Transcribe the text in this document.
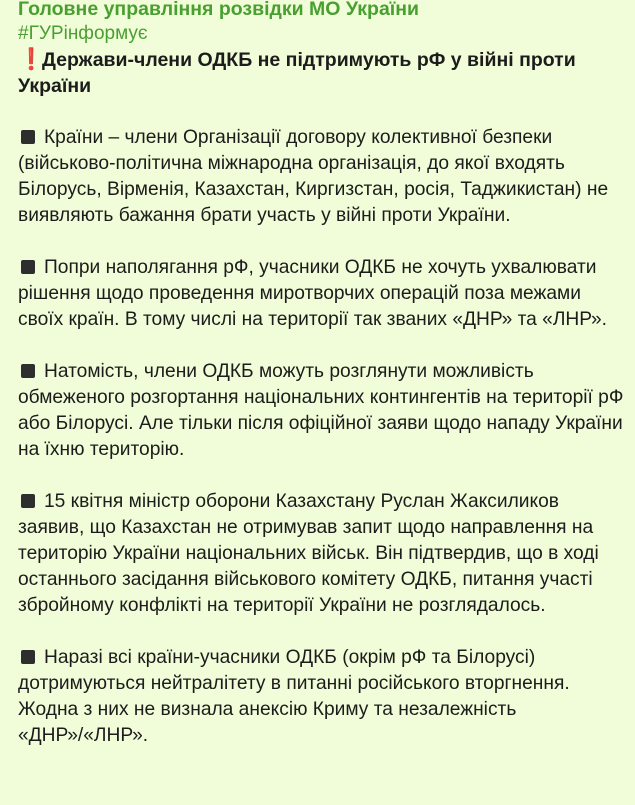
Головне управління розвідки МО України
#ГУРінформує
❗Держави-члени ОДКБ не підтримують рФ у війні проти України
Країни – члени Організації договору колективної безпеки (військово-політична міжнародна організація, до якої входять Білорусь, Вірменія, Казахстан, Киргизстан, росія, Таджикистан) не виявляють бажання брати участь у війні проти України.
Попри наполягання рФ, учасники ОДКБ не хочуть ухвалювати рішення щодо проведення миротворчих операцій поза межами своїх країн. В тому числі на території так званих «ДНР» та «ЛНР».
Натомість, члени ОДКБ можуть розглянути можливість обмеженого розгортання національних контингентів на території рФ або Білорусі. Але тільки після офіційної заяви щодо нападу України на їхню територію.
15 квітня міністр оборони Казахстану Руслан Жаксиликов заявив, що Казахстан не отримував запит щодо направлення на територію України національних військ. Він підтвердив, що в ході останнього засідання військового комітету ОДКБ, питання участі збройному конфлікті на території України не розглядалось.
Наразі всі країни-учасники ОДКБ (окрім рФ та Білорусі) дотримуються нейтралітету в питанні російського вторгнення. Жодна з них не визнала анексію Криму та незалежність «ДНР»/«ЛНР».
